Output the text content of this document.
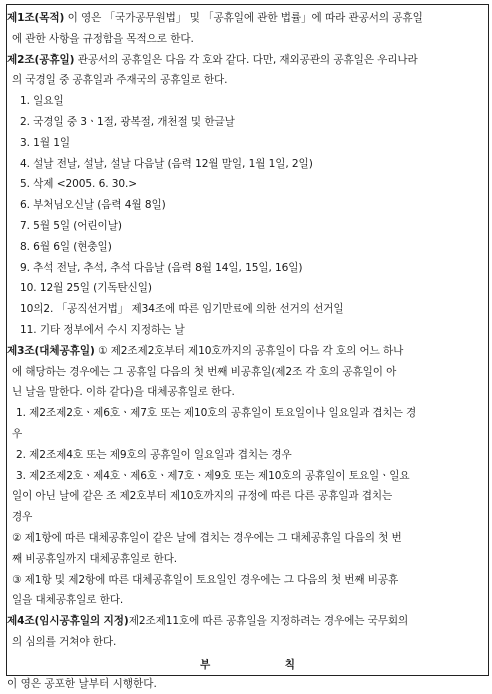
제1조(목적) 이 영은 「국가공무원법」 및 「공휴일에 관한 법률」에 따라 관공서의 공휴일
에 관한 사항을 규정함을 목적으로 한다.
제2조(공휴일) 관공서의 공휴일은 다음 각 호와 같다. 다만, 재외공관의 공휴일은 우리나라
의 국경일 중 공휴일과 주재국의 공휴일로 한다.
1. 일요일
2. 국경일 중 3ㆍ1절, 광복절, 개천절 및 한글날
3. 1월 1일
4. 설날 전날, 설날, 설날 다음날 (음력 12월 말일, 1월 1일, 2일)
5. 삭제 <2005. 6. 30.>
6. 부처님오신날 (음력 4월 8일)
7. 5월 5일 (어린이날)
8. 6월 6일 (현충일)
9. 추석 전날, 추석, 추석 다음날 (음력 8월 14일, 15일, 16일)
10. 12월 25일 (기독탄신일)
10의2. 「공직선거법」 제34조에 따른 임기만료에 의한 선거의 선거일
11. 기타 정부에서 수시 지정하는 날
제3조(대체공휴일) ① 제2조제2호부터 제10호까지의 공휴일이 다음 각 호의 어느 하나
에 해당하는 경우에는 그 공휴일 다음의 첫 번째 비공휴일(제2조 각 호의 공휴일이 아
닌 날을 말한다. 이하 같다)을 대체공휴일로 한다.
1. 제2조제2호ㆍ제6호ㆍ제7호 또는 제10호의 공휴일이 토요일이나 일요일과 겹치는 경
우
2. 제2조제4호 또는 제9호의 공휴일이 일요일과 겹치는 경우
3. 제2조제2호ㆍ제4호ㆍ제6호ㆍ제7호ㆍ제9호 또는 제10호의 공휴일이 토요일ㆍ일요
일이 아닌 날에 같은 조 제2호부터 제10호까지의 규정에 따른 다른 공휴일과 겹치는
경우
② 제1항에 따른 대체공휴일이 같은 날에 겹치는 경우에는 그 대체공휴일 다음의 첫 번
째 비공휴일까지 대체공휴일로 한다.
③ 제1항 및 제2항에 따른 대체공휴일이 토요일인 경우에는 그 다음의 첫 번째 비공휴
일을 대체공휴일로 한다.
제4조(임시공휴일의 지정)제2조제11호에 따른 공휴일을 지정하려는 경우에는 국무회의
의 심의를 거쳐야 한다.
부	칙
이 영은 공포한 날부터 시행한다.
